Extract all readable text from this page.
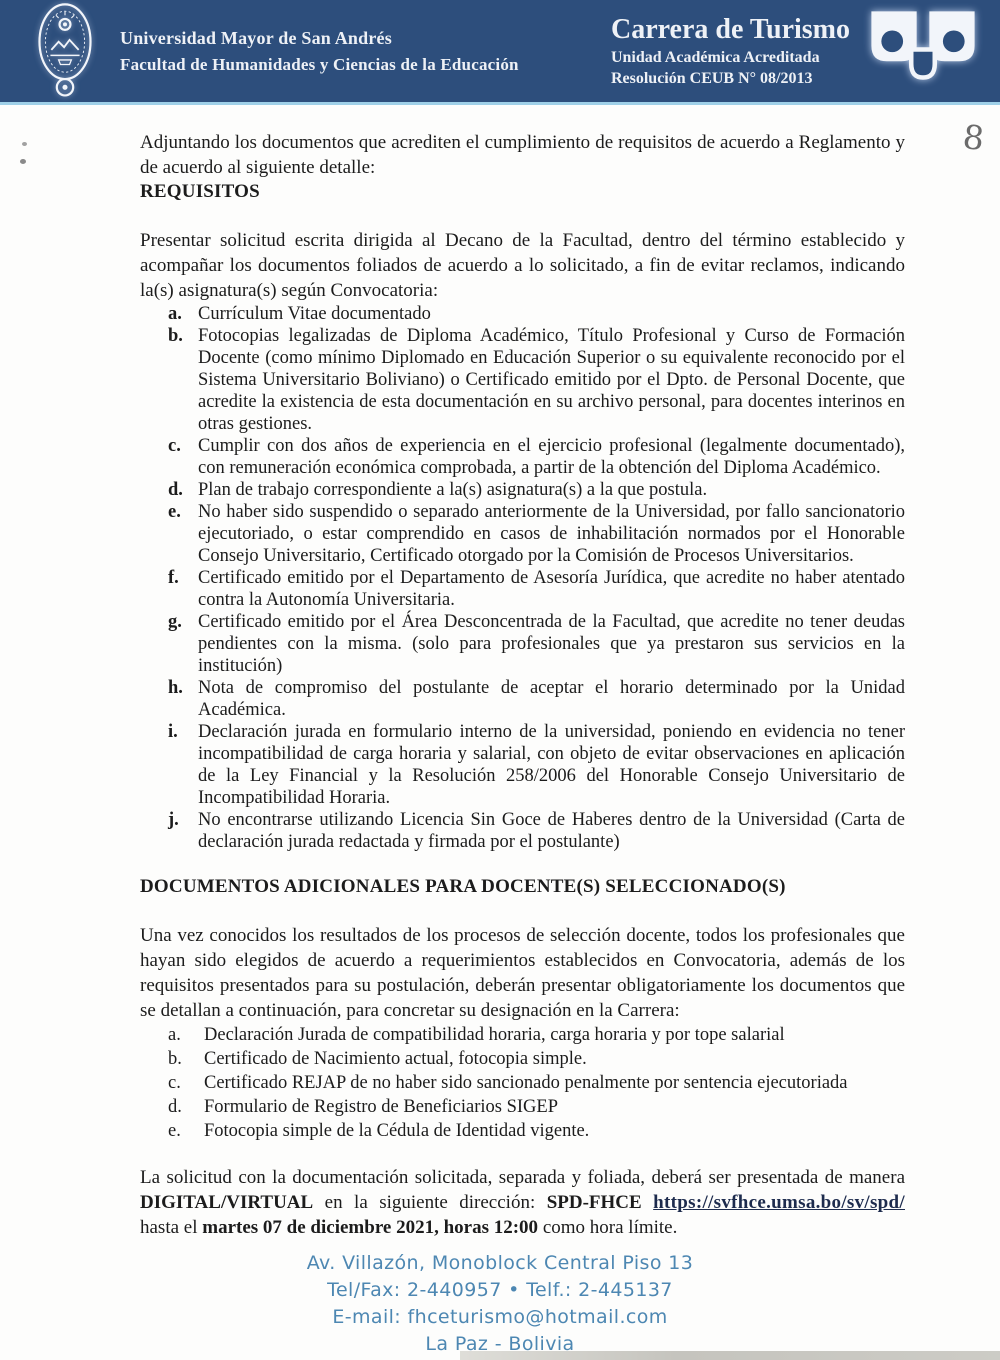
Universidad Mayor de San Andrés
Facultad de Humanidades y Ciencias de la Educación
Carrera de Turismo
Unidad Académica Acreditada
Resolución CEUB N° 08/2013
8

Adjuntando los documentos que acrediten el cumplimiento de requisitos de acuerdo a Reglamento y de acuerdo al siguiente detalle:

REQUISITOS

Presentar solicitud escrita dirigida al Decano de la Facultad, dentro del término establecido y acompañar los documentos foliados de acuerdo a lo solicitado, a fin de evitar reclamos, indicando la(s) asignatura(s) según Convocatoria:

a. Currículum Vitae documentado
b. Fotocopias legalizadas de Diploma Académico, Título Profesional y Curso de Formación Docente (como mínimo Diplomado en Educación Superior o su equivalente reconocido por el Sistema Universitario Boliviano) o Certificado emitido por el Dpto. de Personal Docente, que acredite la existencia de esta documentación en su archivo personal, para docentes interinos en otras gestiones.
c. Cumplir con dos años de experiencia en el ejercicio profesional (legalmente documentado), con remuneración económica comprobada, a partir de la obtención del Diploma Académico.
d. Plan de trabajo correspondiente a la(s) asignatura(s) a la que postula.
e. No haber sido suspendido o separado anteriormente de la Universidad, por fallo sancionatorio ejecutoriado, o estar comprendido en casos de inhabilitación normados por el Honorable Consejo Universitario, Certificado otorgado por la Comisión de Procesos Universitarios.
f.	Certificado emitido por el Departamento de Asesoría Jurídica, que acredite no haber atentado contra la Autonomía Universitaria.
g. Certificado emitido por el Área Desconcentrada de la Facultad, que acredite no tener deudas pendientes con la misma. (solo para profesionales que ya prestaron sus servicios en la institución)
h. Nota de compromiso del postulante de aceptar el horario determinado por la Unidad Académica.
i.	Declaración jurada en formulario interno de la universidad, poniendo en evidencia no tener incompatibilidad de carga horaria y salarial, con objeto de evitar observaciones en aplicación de la Ley Financial y la Resolución 258/2006 del Honorable Consejo Universitario de Incompatibilidad Horaria.
j.	No encontrarse utilizando Licencia Sin Goce de Haberes dentro de la Universidad (Carta de declaración jurada redactada y firmada por el postulante)
DOCUMENTOS ADICIONALES PARA DOCENTE(S) SELECCIONADO(S)

Una vez conocidos los resultados de los procesos de selección docente, todos los profesionales que hayan sido elegidos de acuerdo a requerimientos establecidos en Convocatoria, además de los requisitos presentados para su postulación, deberán presentar obligatoriamente los documentos que se detallan a continuación, para concretar su designación en la Carrera:

a.	Declaración Jurada de compatibilidad horaria, carga horaria y por tope salarial
b.	Certificado de Nacimiento actual, fotocopia simple.
c.	Certificado REJAP de no haber sido sancionado penalmente por sentencia ejecutoriada
d.	Formulario de Registro de Beneficiarios SIGEP
e.	Fotocopia simple de la Cédula de Identidad vigente.

La solicitud con la documentación solicitada, separada y foliada, deberá ser presentada de manera DIGITAL/VIRTUAL en la siguiente dirección: SPD-FHCE https://svfhce.umsa.bo/sv/spd/ hasta el martes 07 de diciembre 2021, horas 12:00 como hora límite.

Av. Villazón, Monoblock Central Piso 13
Tel/Fax: 2-440957 • Telf.: 2-445137
E-mail: fhceturismo@hotmail.com
La Paz - Bolivia
